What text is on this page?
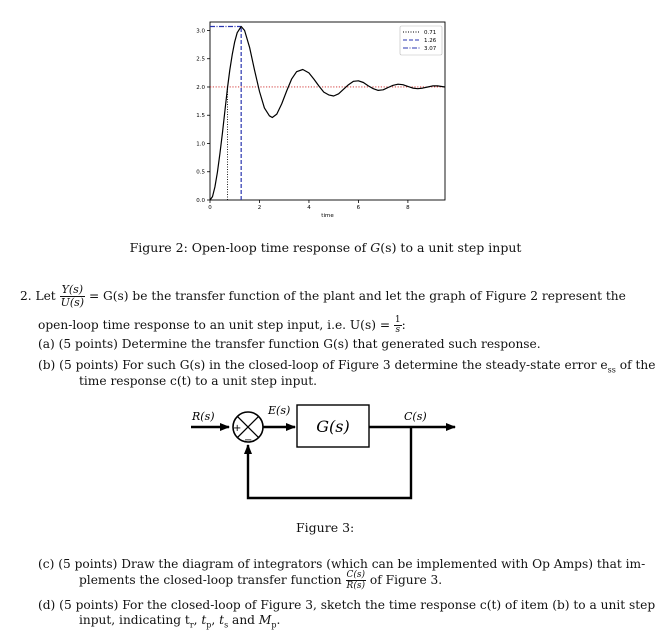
0.0
0.5
1.0
1.5
2.0
2.5
3.0
0	2	4	6	8
time
0.71
1.26
3.07
Figure 2: Open-loop time response of G(s) to a unit step input
2. Let $\frac{Y(s)}{U(s)} = G(s)$ be the transfer function of the plant and let the graph of Figure 2 represent the
open-loop time response to an unit step input, i.e. $U(s) = \frac{1}{s}$ :
(a) (5 points) Determine the transfer function G(s) that generated such response.
(b) (5 points) For such G(s) in the closed-loop of Figure 3 determine the steady-state error $e_{ss}$ of the
time response c(t) to a unit step input.
R(s)
+
−
E(s)
G(s)
C(s)
Figure 3:
(c) (5 points) Draw the diagram of integrators (which can be implemented with Op Amps) that im-
plements the closed-loop transfer function $\frac{C(s)}{R(s)}$ of Figure 3.
(d) (5 points) For the closed-loop of Figure 3, sketch the time response c(t) of item (b) to a unit step
input, indicating $t_r$, $t_p$, $t_s$ and $M_p$.
